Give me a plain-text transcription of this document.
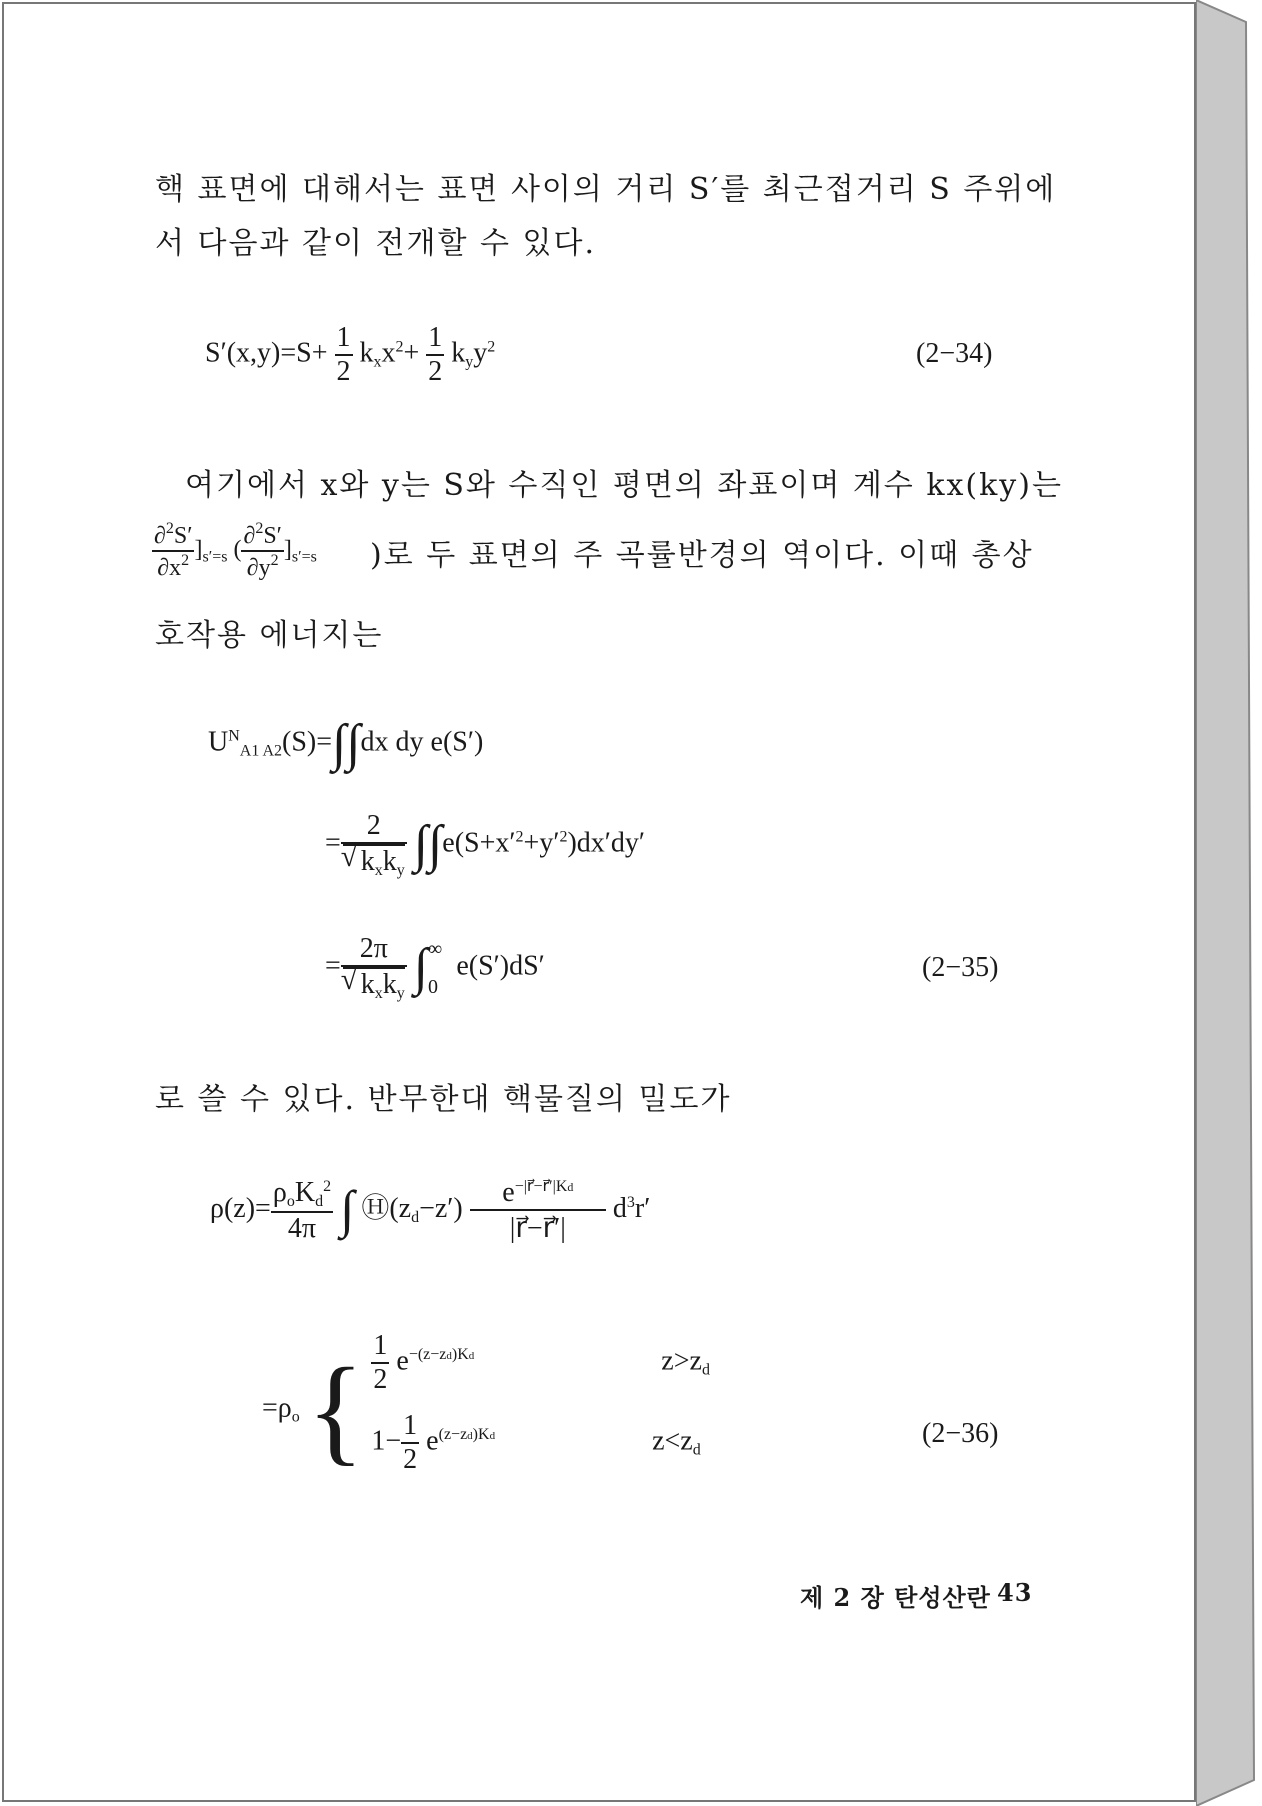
핵 표면에 대해서는 표면 사이의 거리 S′를 최근접거리 S 주위에
서 다음과 같이 전개할 수 있다.
$S'(x,y)=S+ \frac{1}{2} k_xx^2+ \frac{1}{2} k_yy^2$	(2−34)
여기에서 x와 y는 S와 수직인 평면의 좌표이며 계수 kx(ky)는
$\frac{\partial^2S'}{\partial x^2} ]_{s'=s}$ ( $\frac{\partial^2S'}{\partial y^2} ]_{s'=s}$ )로 두 표면의 주 곡률반경의 역이다. 이때 총상
호작용 에너지는
$U^N_{A1 A2}(S)=\int\int dx$ dy e(S′)
= 2
√ $k_xk_y$ $\int\int e(S+x'^2+y'^2)dx'dy'$
= 2π
√ $k_xk_y$ ∫ ∞
0
e(S′)dS′	(2−35)
로 쓸 수 있다. 반무한대 핵물질의 밀도가
$\rho(z)= \frac{\rho_oK_d^2}{4\pi}$ ∫ $Ⓗ(z_d-z') \frac{e^{-|r⃗-r⃗'|Kd}}{|r⃗-r⃗'|} d^3r'$
$=\rho_o$ { $\frac{1}{2} e^{-(z-zd)Kd}$	$z>z_d$
$1- \frac{1}{2} e^{(z-zd)Kd}$	$z<z_d$
(2−36)
제 2 장 탄성산란 43
